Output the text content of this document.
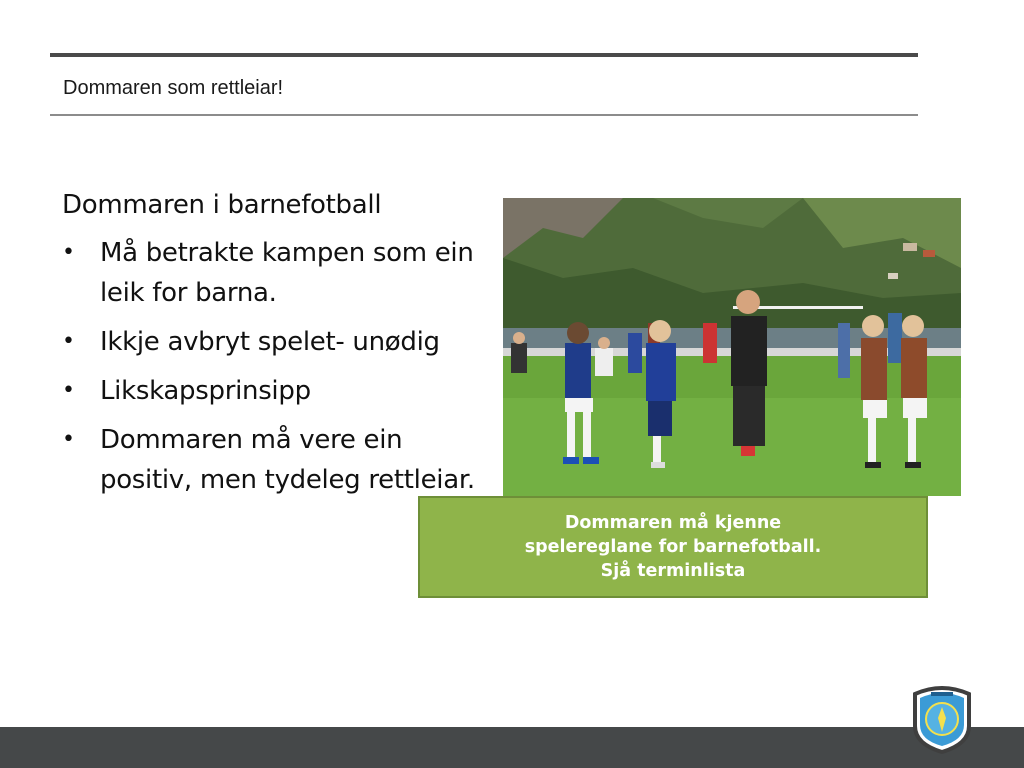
Dommaren som rettleiar!
Dommaren i barnefotball
• Må betrakte kampen som ein leik for barna.
• Ikkje avbryt spelet- unødig
• Likskapsprinsipp
• Dommaren må vere ein positiv, men tydeleg rettleiar.
Dommaren må kjenne
spelereglane for barnefotball.
Sjå terminlista
